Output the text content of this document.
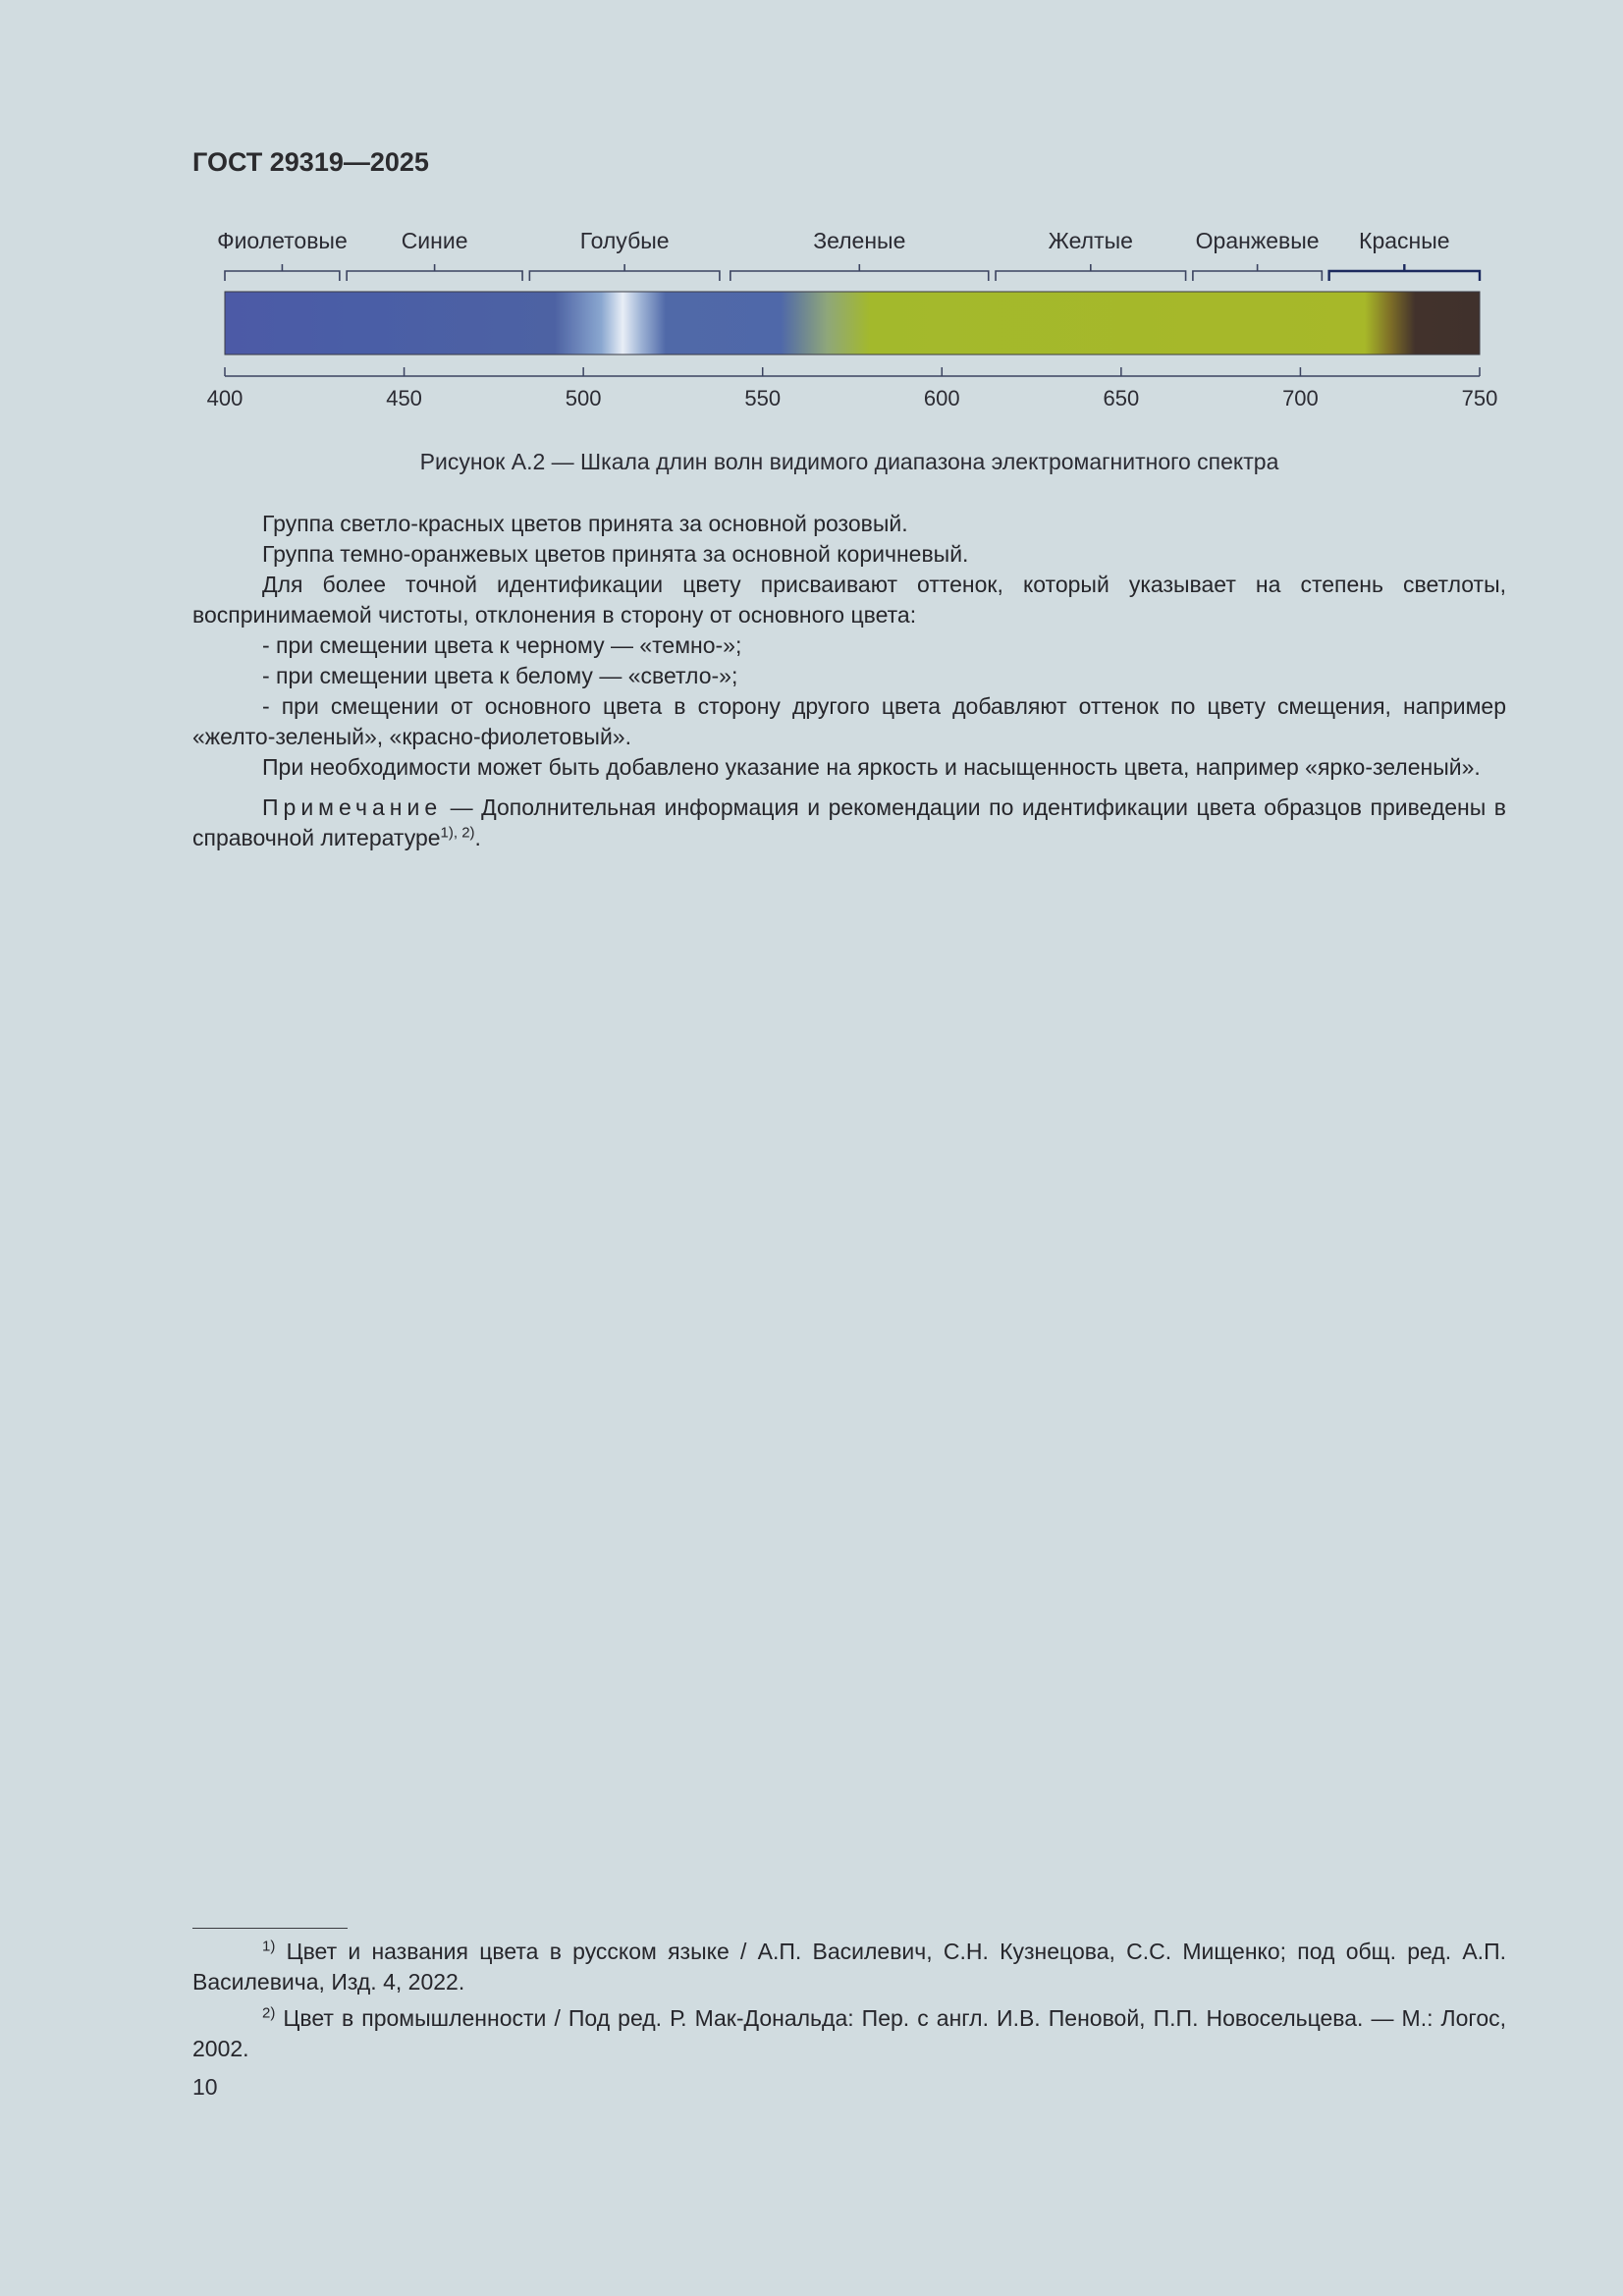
ГОСТ 29319—2025
Фиолетовые Синие	Голубые	Зеленые	Желтые	Оранжевые Красные
400	450	500	550	600	650	700	750
Рисунок А.2 — Шкала длин волн видимого диапазона электромагнитного спектра

Группа светло-красных цветов принята за основной розовый.

Группа темно-оранжевых цветов принята за основной коричневый.

Для более точной идентификации цвету присваивают оттенок, который указывает на степень светлоты, воспринимаемой чистоты, отклонения в сторону от основного цвета:

- при смещении цвета к черному — «темно-»;

- при смещении цвета к белому — «светло-»;

- при смещении от основного цвета в сторону другого цвета добавляют оттенок по цвету смещения, например «желто-зеленый», «красно-фиолетовый».

При необходимости может быть добавлено указание на яркость и насыщенность цвета, например «ярко-зеленый».

Примечание — Дополнительная информация и рекомендации по идентификации цвета образцов приведены в справочной литературе$^{1), 2)}$.

$^{1)}$ Цвет и названия цвета в русском языке / А.П. Василевич, С.Н. Кузнецова, С.С. Мищенко; под общ. ред. А.П. Василевича, Изд. 4, 2022.

$^{2)}$ Цвет в промышленности / Под ред. Р. Мак-Дональда: Пер. с англ. И.В. Пеновой, П.П. Новосельцева. — М.: Логос, 2002.

10
